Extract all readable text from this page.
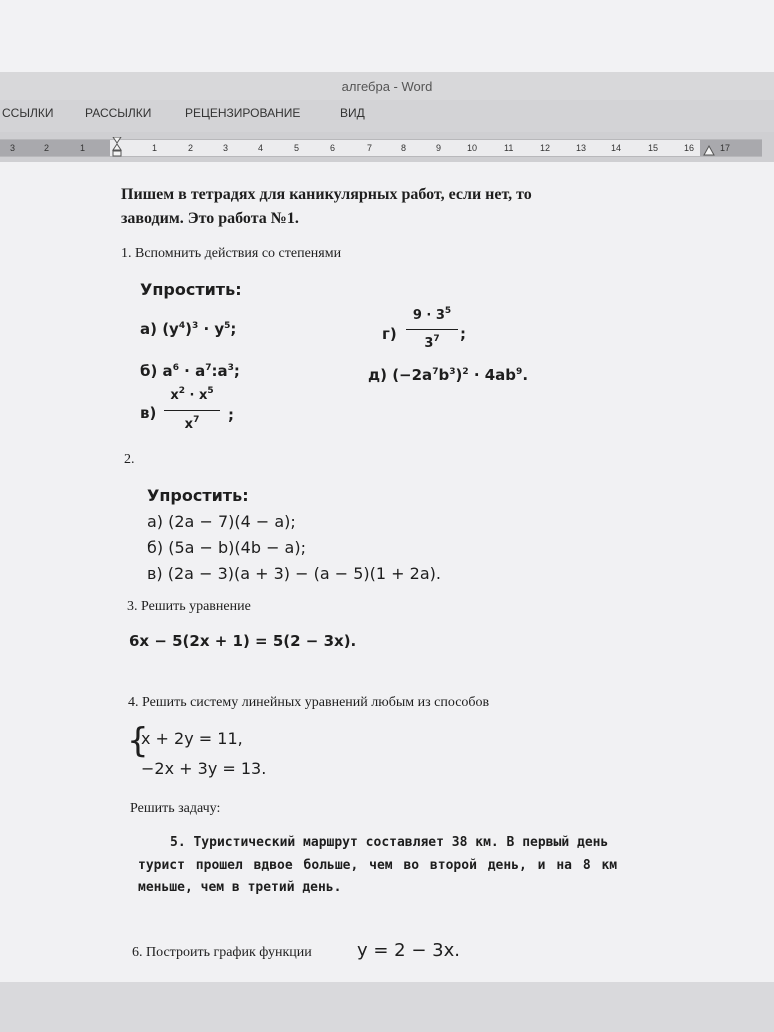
алгебра - Word
ССЫЛКИ	РАССЫЛКИ	РЕЦЕНЗИРОВАНИЕ	ВИД
3	2	1	1	2	3	4	5	6	7	8	9	10	11	12	13	14	15	16	17
Пишем в тетрадях для каникулярных работ, если нет, то
заводим. Это работа №1.
1. Вспомнить действия со степенями
Упростить:
а) $(y^4)^3 \cdot y^5$;	г)
$9 \cdot 3^5$
$3^7$	;
б) $a^6$ · $a^7:a^3$;	д) $(-2a^7b^3)^2 \cdot 4ab^9$.
в)
$x^2 \cdot x^5$
$x^7$	;
2.
Упростить:
а) (2a − 7)(4 − a);
б) (5a − b)(4b − a);
в) (2a − 3)(a + 3) − (a − 5)(1 + 2a).
3. Решить уравнение
6x − 5(2x + 1) = 5(2 − 3x).
4. Решить систему линейных уравнений любым из способов
{
x + 2y = 11,
−2x + 3y = 13.
Решить задачу:
5. Туристический маршрут составляет 38 км. В первый день
турист прошел вдвое больше, чем во второй день, и на 8 км
меньше, чем в третий день.
6. Построить график функции	y = 2 − 3x.
